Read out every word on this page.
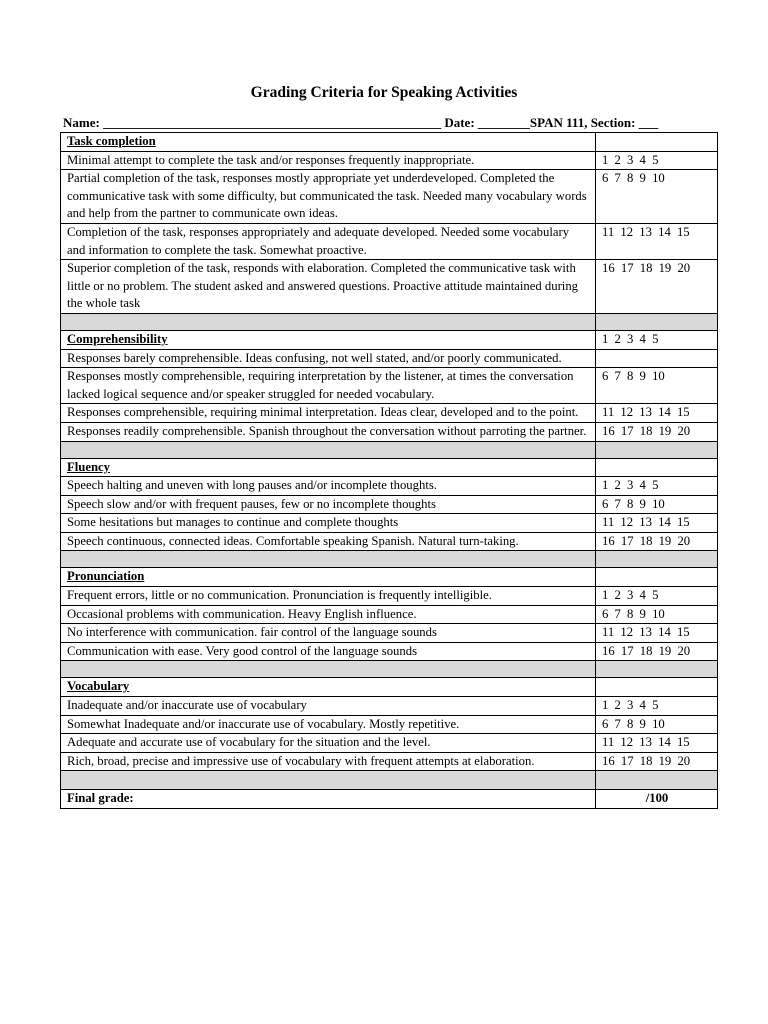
Grading Criteria for Speaking Activities
Name: ____________________________________________________ Date: ________SPAN 111, Section: ___
Task completion	
Minimal attempt to complete the task and/or responses frequently inappropriate.	1 2 3 4 5
Partial completion of the task, responses mostly appropriate yet underdeveloped. Completed the communicative task with some difficulty, but communicated the task. Needed many vocabulary words and help from the partner to communicate own ideas.	6 7 8 9 10
Completion of the task, responses appropriately and adequate developed. Needed some vocabulary and information to complete the task. Somewhat proactive.	11 12 13 14 15
Superior completion of the task, responds with elaboration. Completed the communicative task with little or no problem. The student asked and answered questions. Proactive attitude maintained during the whole task	16 17 18 19 20

Comprehensibility	1 2 3 4 5
Responses barely comprehensible. Ideas confusing, not well stated, and/or poorly communicated.	
Responses mostly comprehensible, requiring interpretation by the listener, at times the conversation lacked logical sequence and/or speaker struggled for needed vocabulary.	6 7 8 9 10
Responses comprehensible, requiring minimal interpretation. Ideas clear, developed and to the point.	11 12 13 14 15
Responses readily comprehensible. Spanish throughout the conversation without parroting the partner.	16 17 18 19 20

Fluency	
Speech halting and uneven with long pauses and/or incomplete thoughts.	1 2 3 4 5
Speech slow and/or with frequent pauses, few or no incomplete thoughts	6 7 8 9 10
Some hesitations but manages to continue and complete thoughts	11 12 13 14 15
Speech continuous, connected ideas. Comfortable speaking Spanish. Natural turn-taking.	16 17 18 19 20

Pronunciation	
Frequent errors, little or no communication. Pronunciation is frequently intelligible.	1 2 3 4 5
Occasional problems with communication. Heavy English influence.	6 7 8 9 10
No interference with communication. fair control of the language sounds	11 12 13 14 15
Communication with ease. Very good control of the language sounds	16 17 18 19 20

Vocabulary	
Inadequate and/or inaccurate use of vocabulary	1 2 3 4 5
Somewhat Inadequate and/or inaccurate use of vocabulary. Mostly repetitive.	6 7 8 9 10
Adequate and accurate use of vocabulary for the situation and the level.	11 12 13 14 15
Rich, broad, precise and impressive use of vocabulary with frequent attempts at elaboration.	16 17 18 19 20

Final grade:	/100
